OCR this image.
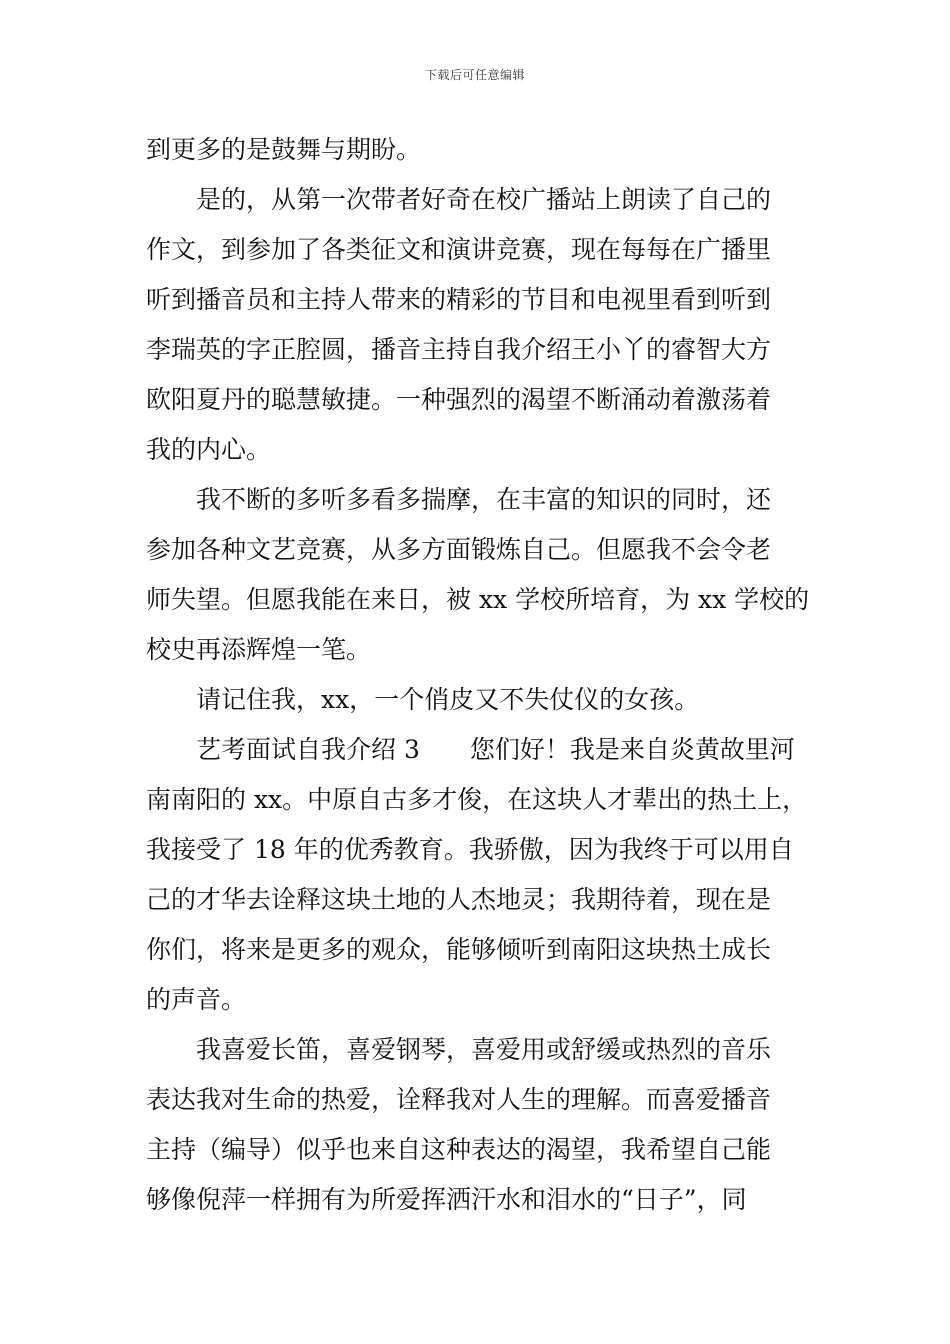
下载后可任意编辑
到更多的是鼓舞与期盼。
　　是的，从第一次带者好奇在校广播站上朗读了自己的
作文，到参加了各类征文和演讲竞赛，现在每每在广播里
听到播音员和主持人带来的精彩的节目和电视里看到听到
李瑞英的字正腔圆，播音主持自我介绍王小丫的睿智大方
欧阳夏丹的聪慧敏捷。一种强烈的渴望不断涌动着激荡着
我的内心。
　　我不断的多听多看多揣摩，在丰富的知识的同时，还
参加各种文艺竞赛，从多方面锻炼自己。但愿我不会令老
师失望。但愿我能在来日，被 xx 学校所培育，为 xx 学校的
校史再添辉煌一笔。
　　请记住我，xx，一个俏皮又不失仗仪的女孩。
　　艺考面试自我介绍 3　　您们好！我是来自炎黄故里河
南南阳的 xx。中原自古多才俊，在这块人才辈出的热土上，
我接受了 18 年的优秀教育。我骄傲，因为我终于可以用自
己的才华去诠释这块土地的人杰地灵；我期待着，现在是
你们，将来是更多的观众，能够倾听到南阳这块热土成长
的声音。
　　我喜爱长笛，喜爱钢琴，喜爱用或舒缓或热烈的音乐
表达我对生命的热爱，诠释我对人生的理解。而喜爱播音
主持（编导）似乎也来自这种表达的渴望，我希望自己能
够像倪萍一样拥有为所爱挥洒汗水和泪水的“日子”，同
